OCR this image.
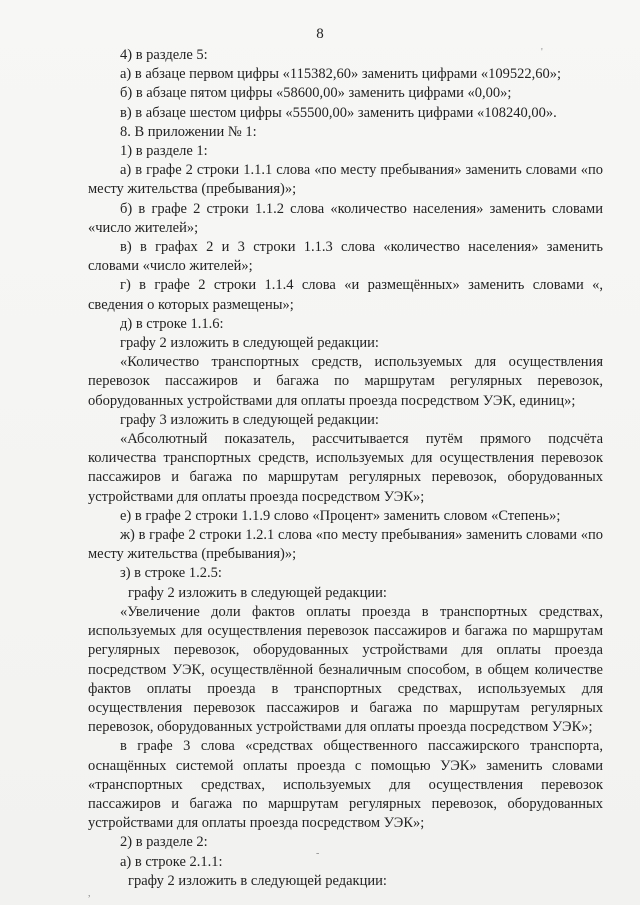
8

4) в разделе 5:

а) в абзаце первом цифры «115382,60» заменить цифрами «109522,60»;

б) в абзаце пятом цифры «58600,00» заменить цифрами «0,00»;

в) в абзаце шестом цифры «55500,00» заменить цифрами «108240,00».

8. В приложении № 1:

1) в разделе 1:

а) в графе 2 строки 1.1.1 слова «по месту пребывания» заменить словами «по месту жительства (пребывания)»;

б) в графе 2 строки 1.1.2 слова «количество населения» заменить словами «число жителей»;

в) в графах 2 и 3 строки 1.1.3 слова «количество населения» заменить словами «число жителей»;

г) в графе 2 строки 1.1.4 слова «и размещённых» заменить словами «, сведения о которых размещены»;

д) в строке 1.1.6:

графу 2 изложить в следующей редакции:

«Количество транспортных средств, используемых для осуществления перевозок пассажиров и багажа по маршрутам регулярных перевозок, оборудованных устройствами для оплаты проезда посредством УЭК, единиц»;

графу 3 изложить в следующей редакции:

«Абсолютный показатель, рассчитывается путём прямого подсчёта количества транспортных средств, используемых для осуществления перевозок пассажиров и багажа по маршрутам регулярных перевозок, оборудованных устройствами для оплаты проезда посредством УЭК»;

е) в графе 2 строки 1.1.9 слово «Процент» заменить словом «Степень»;

ж) в графе 2 строки 1.2.1 слова «по месту пребывания» заменить словами «по месту жительства (пребывания)»;

з) в строке 1.2.5:

графу 2 изложить в следующей редакции:

«Увеличение доли фактов оплаты проезда в транспортных средствах, используемых для осуществления перевозок пассажиров и багажа по маршрутам регулярных перевозок, оборудованных устройствами для оплаты проезда посредством УЭК, осуществлённой безналичным способом, в общем количестве фактов оплаты проезда в транспортных средствах, используемых для осуществления перевозок пассажиров и багажа по маршрутам регулярных перевозок, оборудованных устройствами для оплаты проезда посредством УЭК»;

в графе 3 слова «средствах общественного пассажирского транспорта, оснащённых системой оплаты проезда с помощью УЭК» заменить словами «транспортных средствах, используемых для осуществления перевозок пассажиров и багажа по маршрутам регулярных перевозок, оборудованных устройствами для оплаты проезда посредством УЭК»;

2) в разделе 2:

а) в строке 2.1.1:

графу 2 изложить в следующей редакции:

'
-
,
